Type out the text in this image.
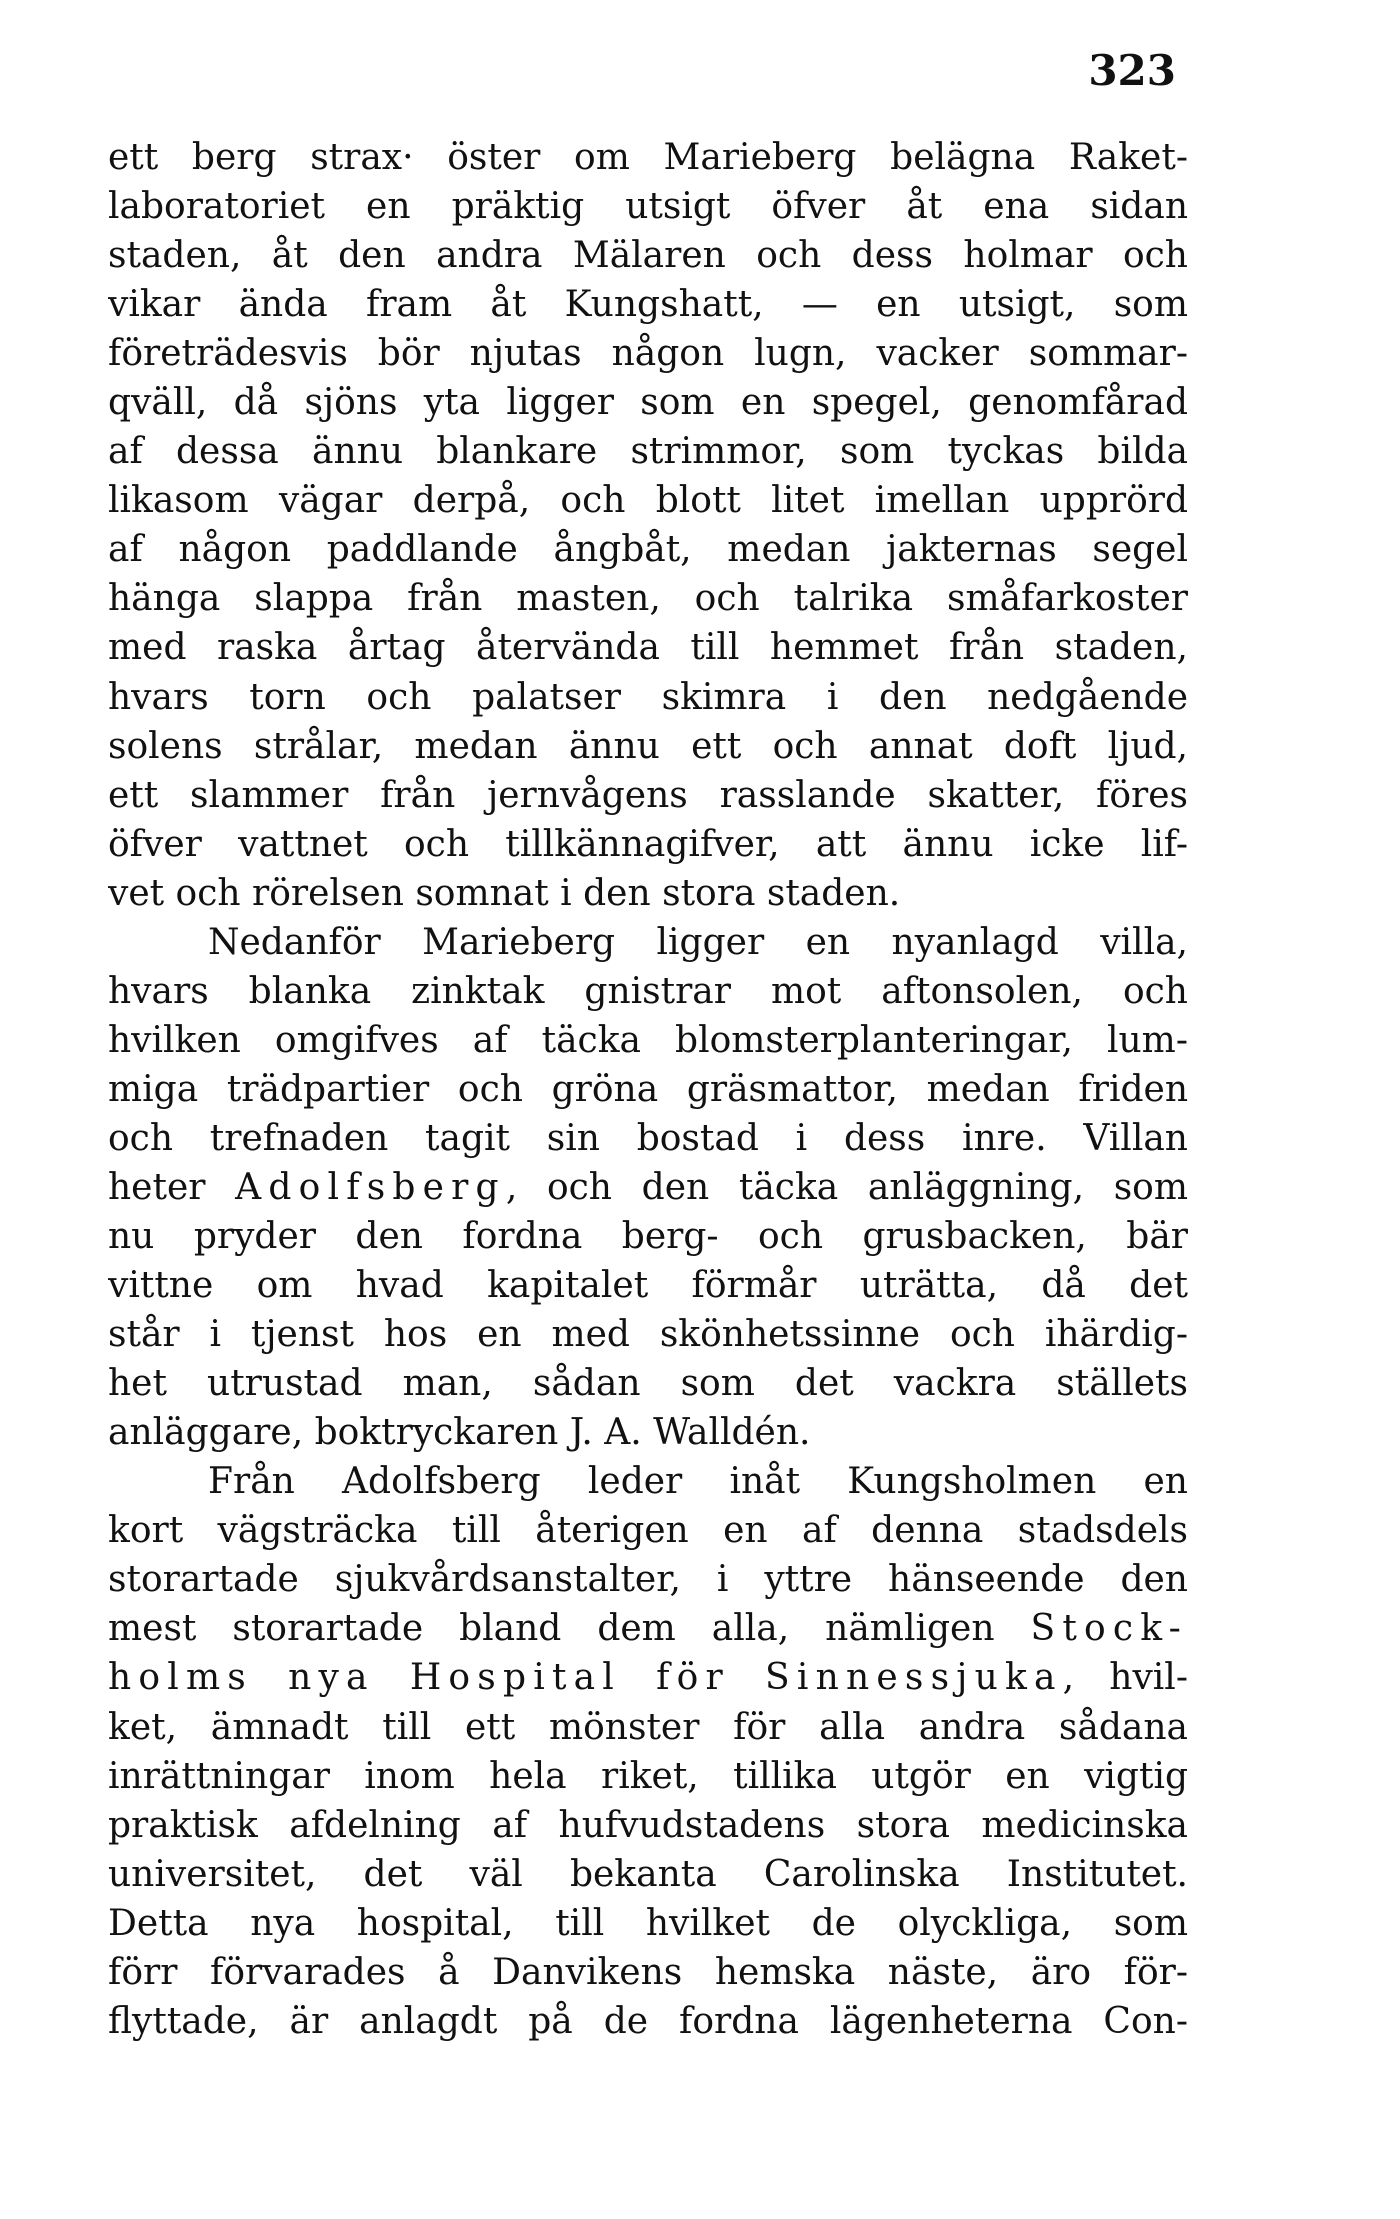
323
ett berg strax· öster om Marieberg belägna Raket-
laboratoriet en präktig utsigt öfver åt ena sidan
staden, åt den andra Mälaren och dess holmar och
vikar ända fram åt Kungshatt, — en utsigt, som
företrädesvis bör njutas någon lugn, vacker sommar-
qväll, då sjöns yta ligger som en spegel, genomfårad
af dessa ännu blankare strimmor, som tyckas bilda
likasom vägar derpå, och blott litet imellan upprörd
af någon paddlande ångbåt, medan jakternas segel
hänga slappa från masten, och talrika småfarkoster
med raska årtag återvända till hemmet från staden,
hvars torn och palatser skimra i den nedgående
solens strålar, medan ännu ett och annat doft ljud,
ett slammer från jernvågens rasslande skatter, föres
öfver vattnet och tillkännagifver, att ännu icke lif-
vet och rörelsen somnat i den stora staden.
Nedanför Marieberg ligger en nyanlagd villa,
hvars blanka zinktak gnistrar mot aftonsolen, och
hvilken omgifves af täcka blomsterplanteringar, lum-
miga trädpartier och gröna gräsmattor, medan friden
och trefnaden tagit sin bostad i dess inre. Villan
heter Adolfsberg, och den täcka anläggning, som
nu pryder den fordna berg- och grusbacken, bär
vittne om hvad kapitalet förmår uträtta, då det
står i tjenst hos en med skönhetssinne och ihärdig-
het utrustad man, sådan som det vackra ställets
anläggare, boktryckaren J. A. Walldén.
Från Adolfsberg leder inåt Kungsholmen en
kort vägsträcka till återigen en af denna stadsdels
storartade sjukvårdsanstalter, i yttre hänseende den
mest storartade bland dem alla, nämligen Stock-
holms nya Hospital för Sinnessjuka, hvil-
ket, ämnadt till ett mönster för alla andra sådana
inrättningar inom hela riket, tillika utgör en vigtig
praktisk afdelning af hufvudstadens stora medicinska
universitet, det väl bekanta Carolinska Institutet.
Detta nya hospital, till hvilket de olyckliga, som
förr förvarades å Danvikens hemska näste, äro för-
flyttade, är anlagdt på de fordna lägenheterna Con-
